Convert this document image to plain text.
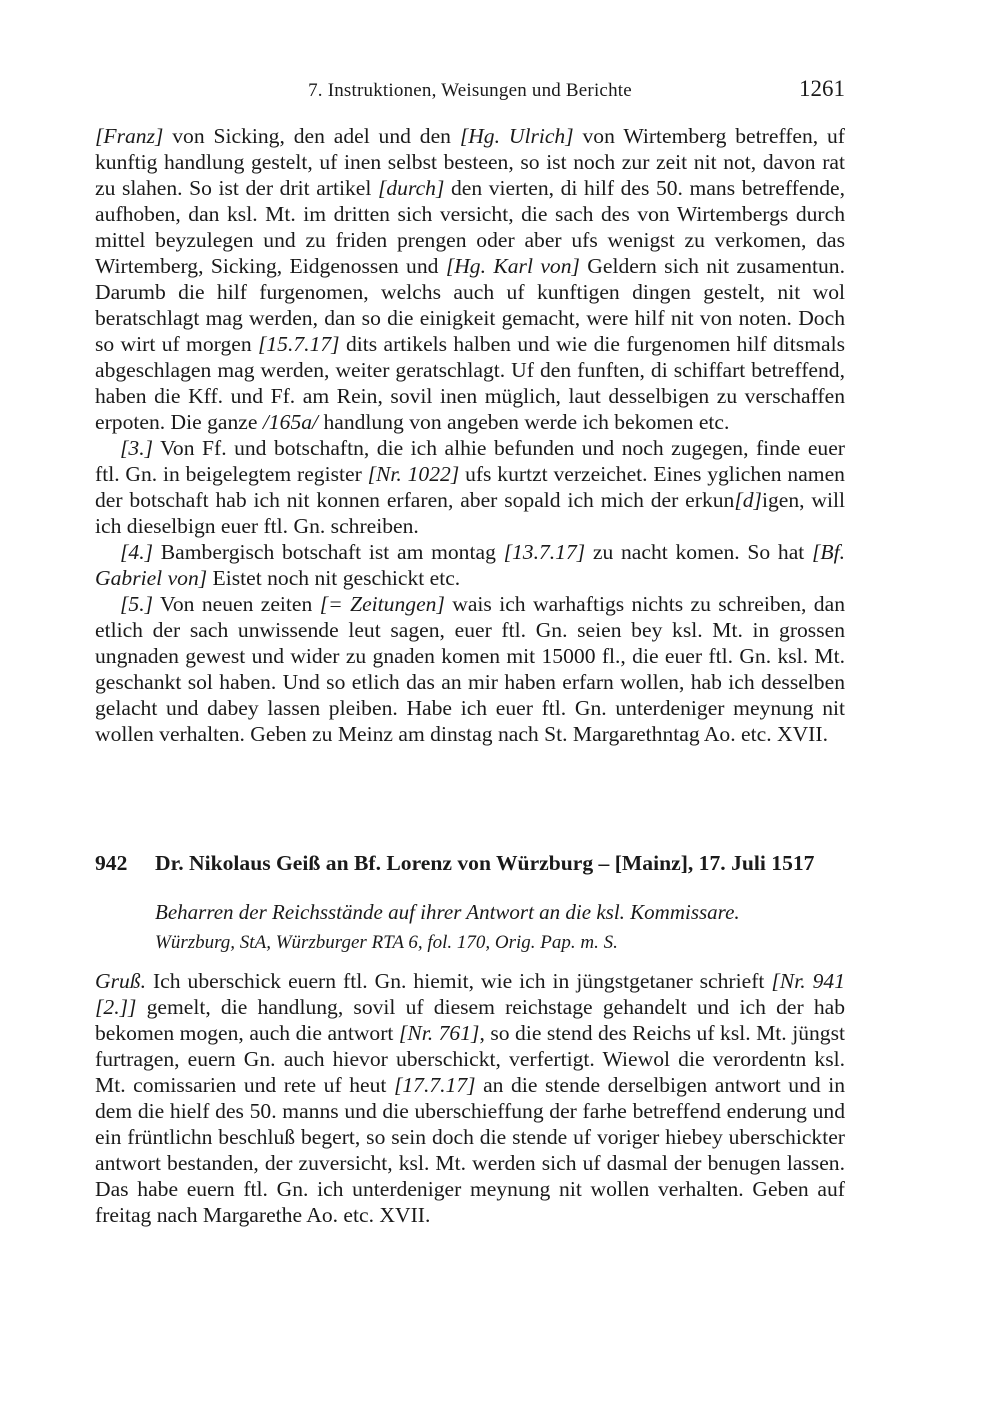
7. Instruktionen, Weisungen und Berichte	1261

[Franz] von Sicking, den adel und den [Hg. Ulrich] von Wirtemberg betreffen, uf kunftig handlung gestelt, uf inen selbst besteen, so ist noch zur zeit nit not, davon rat zu slahen. So ist der drit artikel [durch] den vierten, di hilf des 50. mans betreffende, aufhoben, dan ksl. Mt. im dritten sich versicht, die sach des von Wirtembergs durch mittel beyzulegen und zu friden prengen oder aber ufs wenigst zu verkomen, das Wirtemberg, Sicking, Eidgenossen und [Hg. Karl von] Geldern sich nit zusamentun. Darumb die hilf furgenomen, welchs auch uf kunftigen dingen gestelt, nit wol beratschlagt mag werden, dan so die einigkeit gemacht, were hilf nit von noten. Doch so wirt uf morgen [15.7.17] dits artikels halben und wie die furgenomen hilf ditsmals abgeschlagen mag werden, weiter geratschlagt. Uf den funften, di schiffart betreffend, haben die Kff. und Ff. am Rein, sovil inen müglich, laut desselbigen zu verschaffen erpoten. Die ganze /165a/ handlung von angeben werde ich bekomen etc.

[3.] Von Ff. und botschaftn, die ich alhie befunden und noch zugegen, finde euer ftl. Gn. in beigelegtem register [Nr. 1022] ufs kurtzt verzeichet. Eines yglichen namen der botschaft hab ich nit konnen erfaren, aber sopald ich mich der erkun[d]igen, will ich dieselbign euer ftl. Gn. schreiben.

[4.] Bambergisch botschaft ist am montag [13.7.17] zu nacht komen. So hat [Bf. Gabriel von] Eistet noch nit geschickt etc.

[5.] Von neuen zeiten [= Zeitungen] wais ich warhaftigs nichts zu schreiben, dan etlich der sach unwissende leut sagen, euer ftl. Gn. seien bey ksl. Mt. in grossen ungnaden gewest und wider zu gnaden komen mit 15000 fl., die euer ftl. Gn. ksl. Mt. geschankt sol haben. Und so etlich das an mir haben erfarn wollen, hab ich desselben gelacht und dabey lassen pleiben. Habe ich euer ftl. Gn. unterdeniger meynung nit wollen verhalten. Geben zu Meinz am dinstag nach St. Margarethntag Ao. etc. XVII.

942 Dr. Nikolaus Geiß an Bf. Lorenz von Würzburg – [Mainz], 17. Juli 1517
Beharren der Reichsstände auf ihrer Antwort an die ksl. Kommissare.
Würzburg, StA, Würzburger RTA 6, fol. 170, Orig. Pap. m. S.

Gruß. Ich uberschick euern ftl. Gn. hiemit, wie ich in jüngstgetaner schrieft [Nr. 941 [2.]] gemelt, die handlung, sovil uf diesem reichstage gehandelt und ich der hab bekomen mogen, auch die antwort [Nr. 761], so die stend des Reichs uf ksl. Mt. jüngst furtragen, euern Gn. auch hievor uberschickt, verfertigt. Wiewol die verordentn ksl. Mt. comissarien und rete uf heut [17.7.17] an die stende derselbigen antwort und in dem die hielf des 50. manns und die uberschieffung der farhe betreffend enderung und ein früntlichn beschluß begert, so sein doch die stende uf voriger hiebey uberschickter antwort bestanden, der zuversicht, ksl. Mt. werden sich uf dasmal der benugen lassen. Das habe euern ftl. Gn. ich unterdeniger meynung nit wollen verhalten. Geben auf freitag nach Margarethe Ao. etc. XVII.
